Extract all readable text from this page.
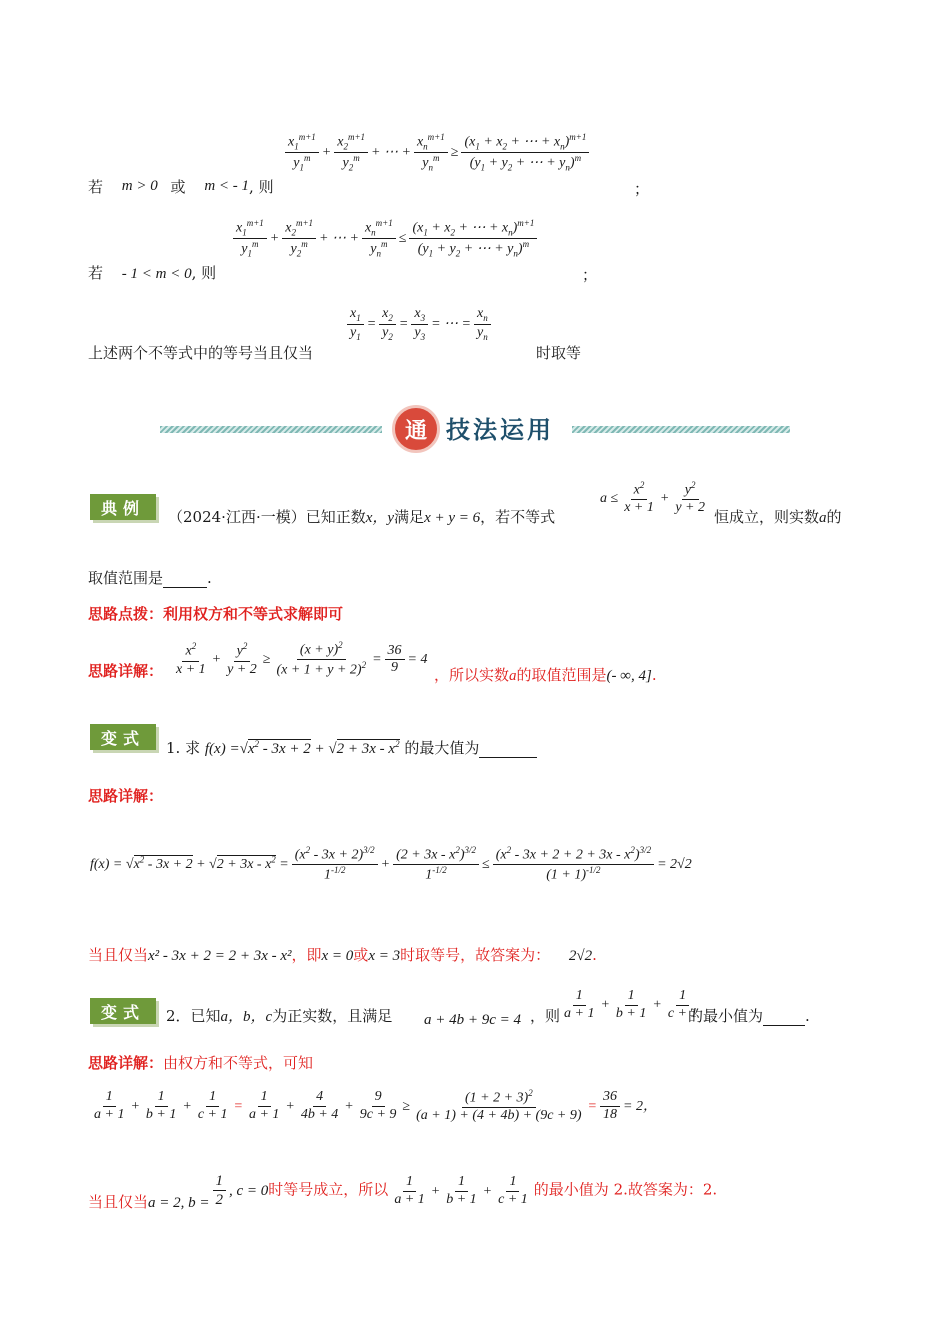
若 m > 0 或 m < - 1, 则
$\frac{x_1^{m+1}}{y_1^m} + \frac{x_2^{m+1}}{y_2^m}$ + ⋯ + $\frac{x_n^{m+1}}{y_n^m} \ge \frac{(x_1 + x_2 + \cdots + x_n)^{m+1}}{(y_1 + y_2 + \cdots + y_n)^m}$
；
若 - 1 < m < 0, 则
$\frac{x_1^{m+1}}{y_1^m} + \frac{x_2^{m+1}}{y_2^m}$ + ⋯ + $\frac{x_n^{m+1}}{y_n^m} \le \frac{(x_1 + x_2 + \cdots + x_n)^{m+1}}{(y_1 + y_2 + \cdots + y_n)^m}$
；
上述两个不等式中的等号当且仅当
$\frac{x_1}{y_1} = \frac{x_2}{y_2} = \frac{x_3}{y_3}$ = ⋯ = $\frac{x_n}{y_n}$
时取等
通 技法运用
典例	（2024·江西·一模）已知正数x，y满足x + y = 6，若不等式
$a \le \frac{x^2}{x + 1} + \frac{y^2}{y + 2}$ 恒成立，则实数a的
取值范围是	.
思路点拨：利用权方和不等式求解即可
思路详解： $\frac{x^2}{x + 1} + \frac{y^2}{y + 2} \ge \frac{(x + y)^2}{(x + 1 + y + 2)^2} = \frac{36}{9} = 4$
，所以实数a的取值范围是(- ∞, 4].
变式
1. 求 $f(x) =√x^2 - 3x + 2 + √2 + 3x - x^2$ 的最大值为
思路详解：
$f(x) = √x^2 - 3x + 2 + √2 + 3x - x^2 = \frac{(x^2 - 3x + 2)^{3/2}}{1^{-1/2}} + \frac{(2 + 3x - x^2)^{3/2}}{1^{-1/2}} \le \frac{(x^2 - 3x + 2 + 2 + 3x - x^2)^{3/2}}{(1 + 1)^{-1/2}} = 2√2$
当且仅当x² - 3x + 2 = 2 + 3x - x²，即x = 0或x = 3时取等号，故答案为： 2√2.
变式	2．已知a，b，c为正实数，且满足 a + 4b + 9c = 4 ，则 $\frac{1}{a + 1} + \frac{1}{b + 1} + \frac{1}{c + 1}$
的最小值为	.
思路详解：由权方和不等式，可知
$\frac{1}{a + 1} + \frac{1}{b + 1} + \frac{1}{c + 1} = \frac{1}{a + 1} + \frac{4}{4b + 4} + \frac{9}{9c + 9} \ge \frac{(1 + 2 + 3)^2}{(a + 1) + (4 + 4b) + (9c + 9)} = \frac{36}{18} = 2$，
当且仅当a = 2, $b = \frac{1}{2}$ , c = 0时等号成立，所以 $\frac{1}{a + 1} + \frac{1}{b + 1} + \frac{1}{c + 1}$ 的最小值为 2.故答案为：2.
